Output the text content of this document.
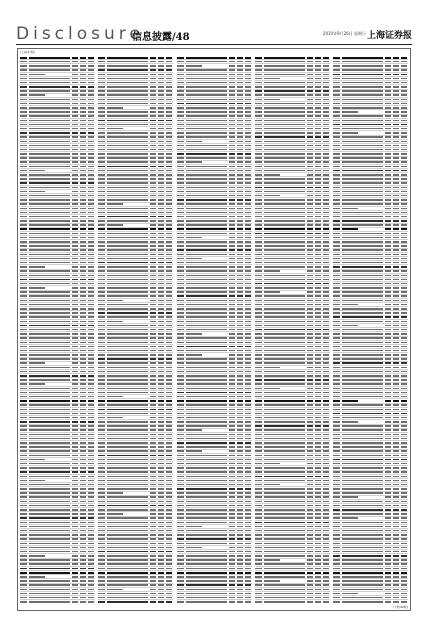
Disclosure
信息披露/48	2010年9月26日 星期日 上海证券报
(上接47版)
(下转49版)
